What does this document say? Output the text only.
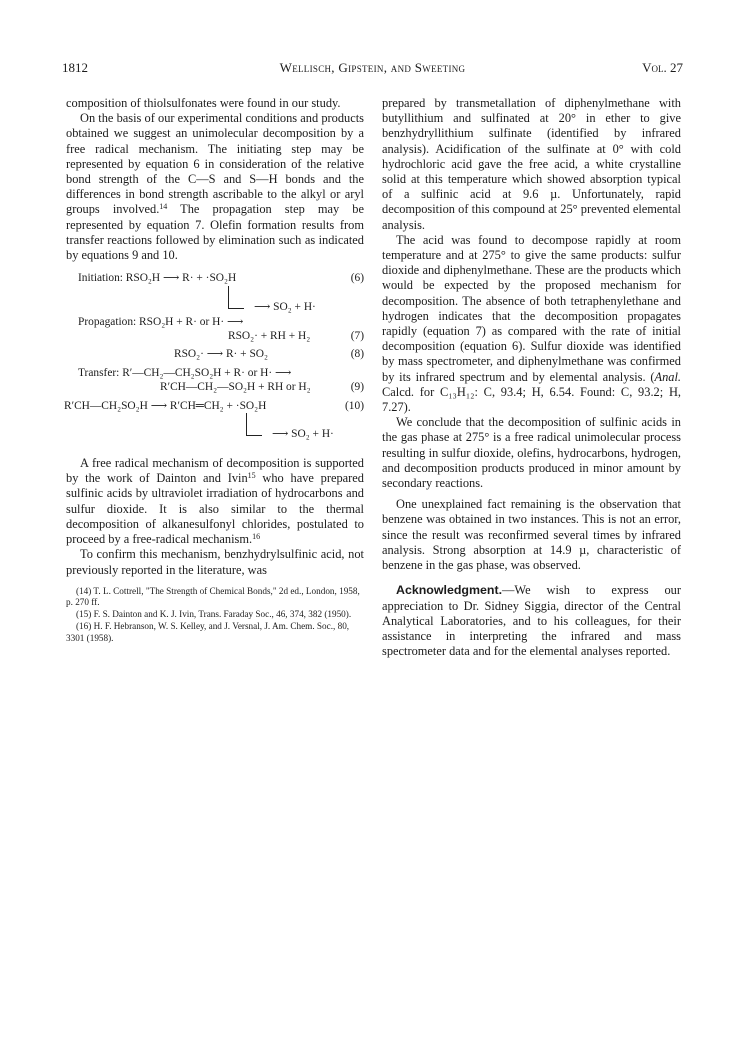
1812	Wellisch, Gipstein, and Sweeting	Vol. 27

composition of thiolsulfonates were found in our study.

On the basis of our experimental conditions and products obtained we suggest an unimolecular decomposition by a free radical mechanism. The initiating step may be represented by equation 6 in consideration of the relative bond strength of the C—S and S—H bonds and the differences in bond strength ascribable to the alkyl or aryl groups involved.$^{14}$ The propagation step may be represented by equation 7. Olefin formation results from transfer reactions followed by elimination such as indicated by equations 9 and 10.

Initiation: RSO₂H ⟶ R· + ·SO₂H	(6)
⟶ SO₂ + H·
Propagation: RSO₂H + R· or H· ⟶
RSO₂· + RH + H₂	(7)
RSO₂· ⟶ R· + SO₂	(8)
Transfer: R′—CH₂—CH₂SO₂H + R· or H· ⟶
R′CH—CH₂—SO₂H + RH or H₂	(9)
R′CH—CH₂SO₂H ⟶ R′CH═CH₂ + ·SO₂H	(10)
⟶ SO₂ + H·

A free radical mechanism of decomposition is supported by the work of Dainton and Ivin$^{15}$ who have prepared sulfinic acids by ultraviolet irradiation of hydrocarbons and sulfur dioxide. It is also similar to the thermal decomposition of alkanesulfonyl chlorides, postulated to proceed by a free-radical mechanism.$^{16}$

To confirm this mechanism, benzhydrylsulfinic acid, not previously reported in the literature, was

(14) T. L. Cottrell, "The Strength of Chemical Bonds," 2d ed., London, 1958, p. 270 ff.

(15) F. S. Dainton and K. J. Ivin, Trans. Faraday Soc., 46, 374, 382 (1950).

(16) H. F. Hebranson, W. S. Kelley, and J. Versnal, J. Am. Chem. Soc., 80, 3301 (1958).

prepared by transmetallation of diphenylmethane with butyllithium and sulfinated at 20° in ether to give benzhydryllithium sulfinate (identified by infrared analysis). Acidification of the sulfinate at 0° with cold hydrochloric acid gave the free acid, a white crystalline solid at this temperature which showed absorption typical of a sulfinic acid at 9.6 µ. Unfortunately, rapid decomposition of this compound at 25° prevented elemental analysis.

The acid was found to decompose rapidly at room temperature and at 275° to give the same products: sulfur dioxide and diphenylmethane. These are the products which would be expected by the proposed mechanism for decomposition. The absence of both tetraphenylethane and hydrogen indicates that the decomposition propagates rapidly (equation 7) as compared with the rate of initial decomposition (equation 6). Sulfur dioxide was identified by mass spectrometer, and diphenylmethane was confirmed by its infrared spectrum and by elemental analysis. (Anal. Calcd. for C₁₃H₁₂: C, 93.4; H, 6.54. Found: C, 93.2; H, 7.27).

We conclude that the decomposition of sulfinic acids in the gas phase at 275° is a free radical unimolecular process resulting in sulfur dioxide, olefins, hydrocarbons, hydrogen, and decomposition products produced in minor amount by secondary reactions.

One unexplained fact remaining is the observation that benzene was obtained in two instances. This is not an error, since the result was reconfirmed several times by infrared analysis. Strong absorption at 14.9 µ, characteristic of benzene in the gas phase, was observed.

Acknowledgment.—We wish to express our appreciation to Dr. Sidney Siggia, director of the Central Analytical Laboratories, and to his colleagues, for their assistance in interpreting the infrared and mass spectrometer data and for the elemental analyses reported.
